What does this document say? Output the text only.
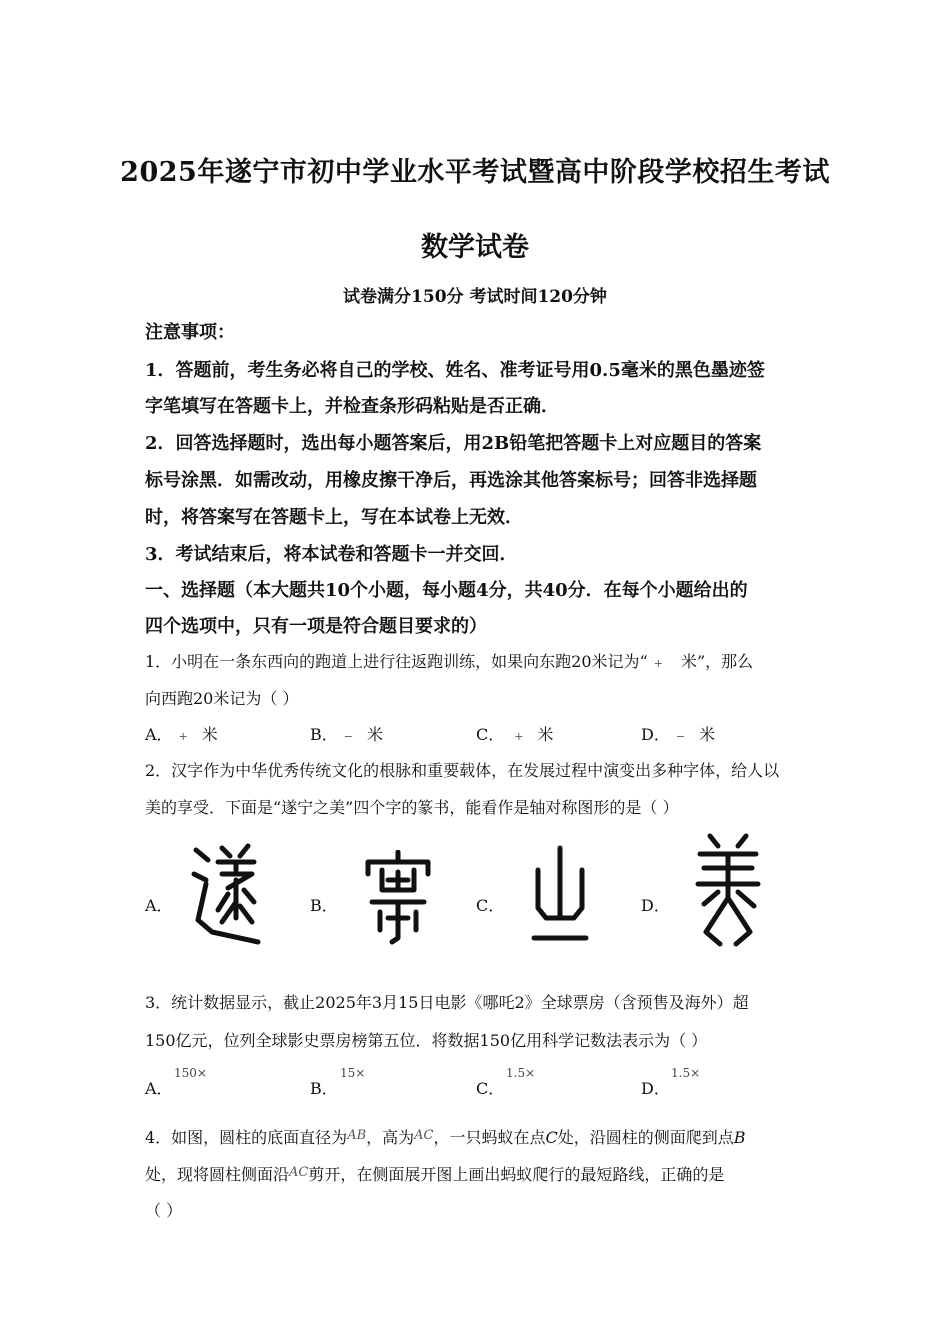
2025年遂宁市初中学业水平考试暨高中阶段学校招生考试
数学试卷
试卷满分150分 考试时间120分钟
注意事项：
1．答题前，考生务必将自己的学校、姓名、准考证号用0.5毫米的黑色墨迹签
字笔填写在答题卡上，并检查条形码粘贴是否正确．
2．回答选择题时，选出每小题答案后，用2B铅笔把答题卡上对应题目的答案
标号涂黑．如需改动，用橡皮擦干净后，再选涂其他答案标号；回答非选择题
时，将答案写在答题卡上，写在本试卷上无效．
3．考试结束后，将本试卷和答题卡一并交回．
一、选择题（本大题共10个小题，每小题4分，共40分．在每个小题给出的
四个选项中，只有一项是符合题目要求的）
1．小明在一条东西向的跑道上进行往返跑训练，如果向东跑20米记为“ + 米”，那么
向西跑20米记为（ ）
A． + 米	B． − 米	C． + 米	D． − 米
2．汉字作为中华优秀传统文化的根脉和重要载体，在发展过程中演变出多种字体，给人以
美的享受．下面是“遂宁之美”四个字的篆书，能看作是轴对称图形的是（ ）
A．	B．	C．	D．
3．统计数据显示，截止2025年3月15日电影《哪吒2》全球票房（含预售及海外）超
150亿元，位列全球影史票房榜第五位．将数据150亿用科学记数法表示为（ ）
A．
150×
B．
15×
C．
1.5×
D．
1.5×
4．如图，圆柱的底面直径为$^{AB}$，高为$^{AC}$，一只蚂蚁在点C处，沿圆柱的侧面爬到点B
处，现将圆柱侧面沿$^{AC}$剪开，在侧面展开图上画出蚂蚁爬行的最短路线，正确的是
（ ）
